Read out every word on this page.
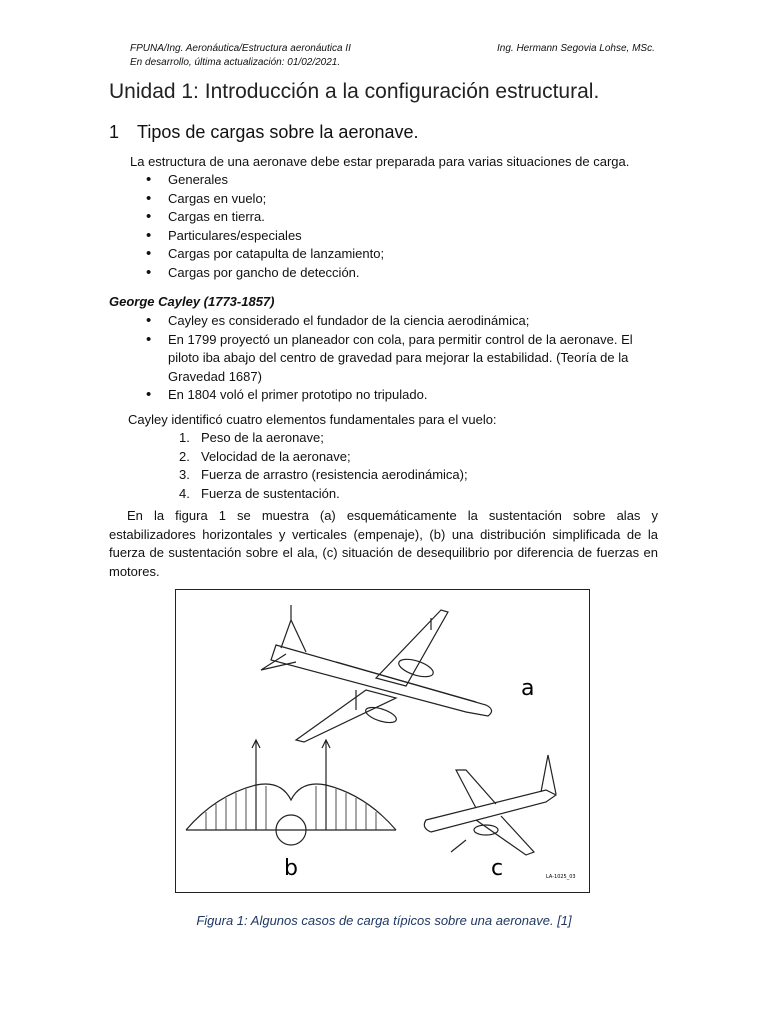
FPUNA/Ing. Aeronáutica/Estructura aeronáutica II
En desarrollo, última actualización: 01/02/2021.
Ing. Hermann Segovia Lohse, MSc.
Unidad 1: Introducción a la configuración estructural.
1 Tipos de cargas sobre la aeronave.

La estructura de una aeronave debe estar preparada para varias situaciones de carga.

• Generales
• Cargas en vuelo;
• Cargas en tierra.
• Particulares/especiales
• Cargas por catapulta de lanzamiento;
• Cargas por gancho de detección.

George Cayley (1773-1857)

• Cayley es considerado el fundador de la ciencia aerodinámica;
• En 1799 proyectó un planeador con cola, para permitir control de la aeronave. El piloto iba abajo del centro de gravedad para mejorar la estabilidad. (Teoría de la Gravedad 1687)
• En 1804 voló el primer prototipo no tripulado.

Cayley identificó cuatro elementos fundamentales para el vuelo:

1. Peso de la aeronave;
2. Velocidad de la aeronave;
3. Fuerza de arrastro (resistencia aerodinámica);
4. Fuerza de sustentación.

En la figura 1 se muestra (a) esquemáticamente la sustentación sobre alas y estabilizadores horizontales y verticales (empenaje), (b) una distribución simplificada de la fuerza de sustentación sobre el ala, (c) situación de desequilibrio por diferencia de fuerzas en motores.

a
b	c	LA-1025_03

Figura 1: Algunos casos de carga típicos sobre una aeronave. [1]
